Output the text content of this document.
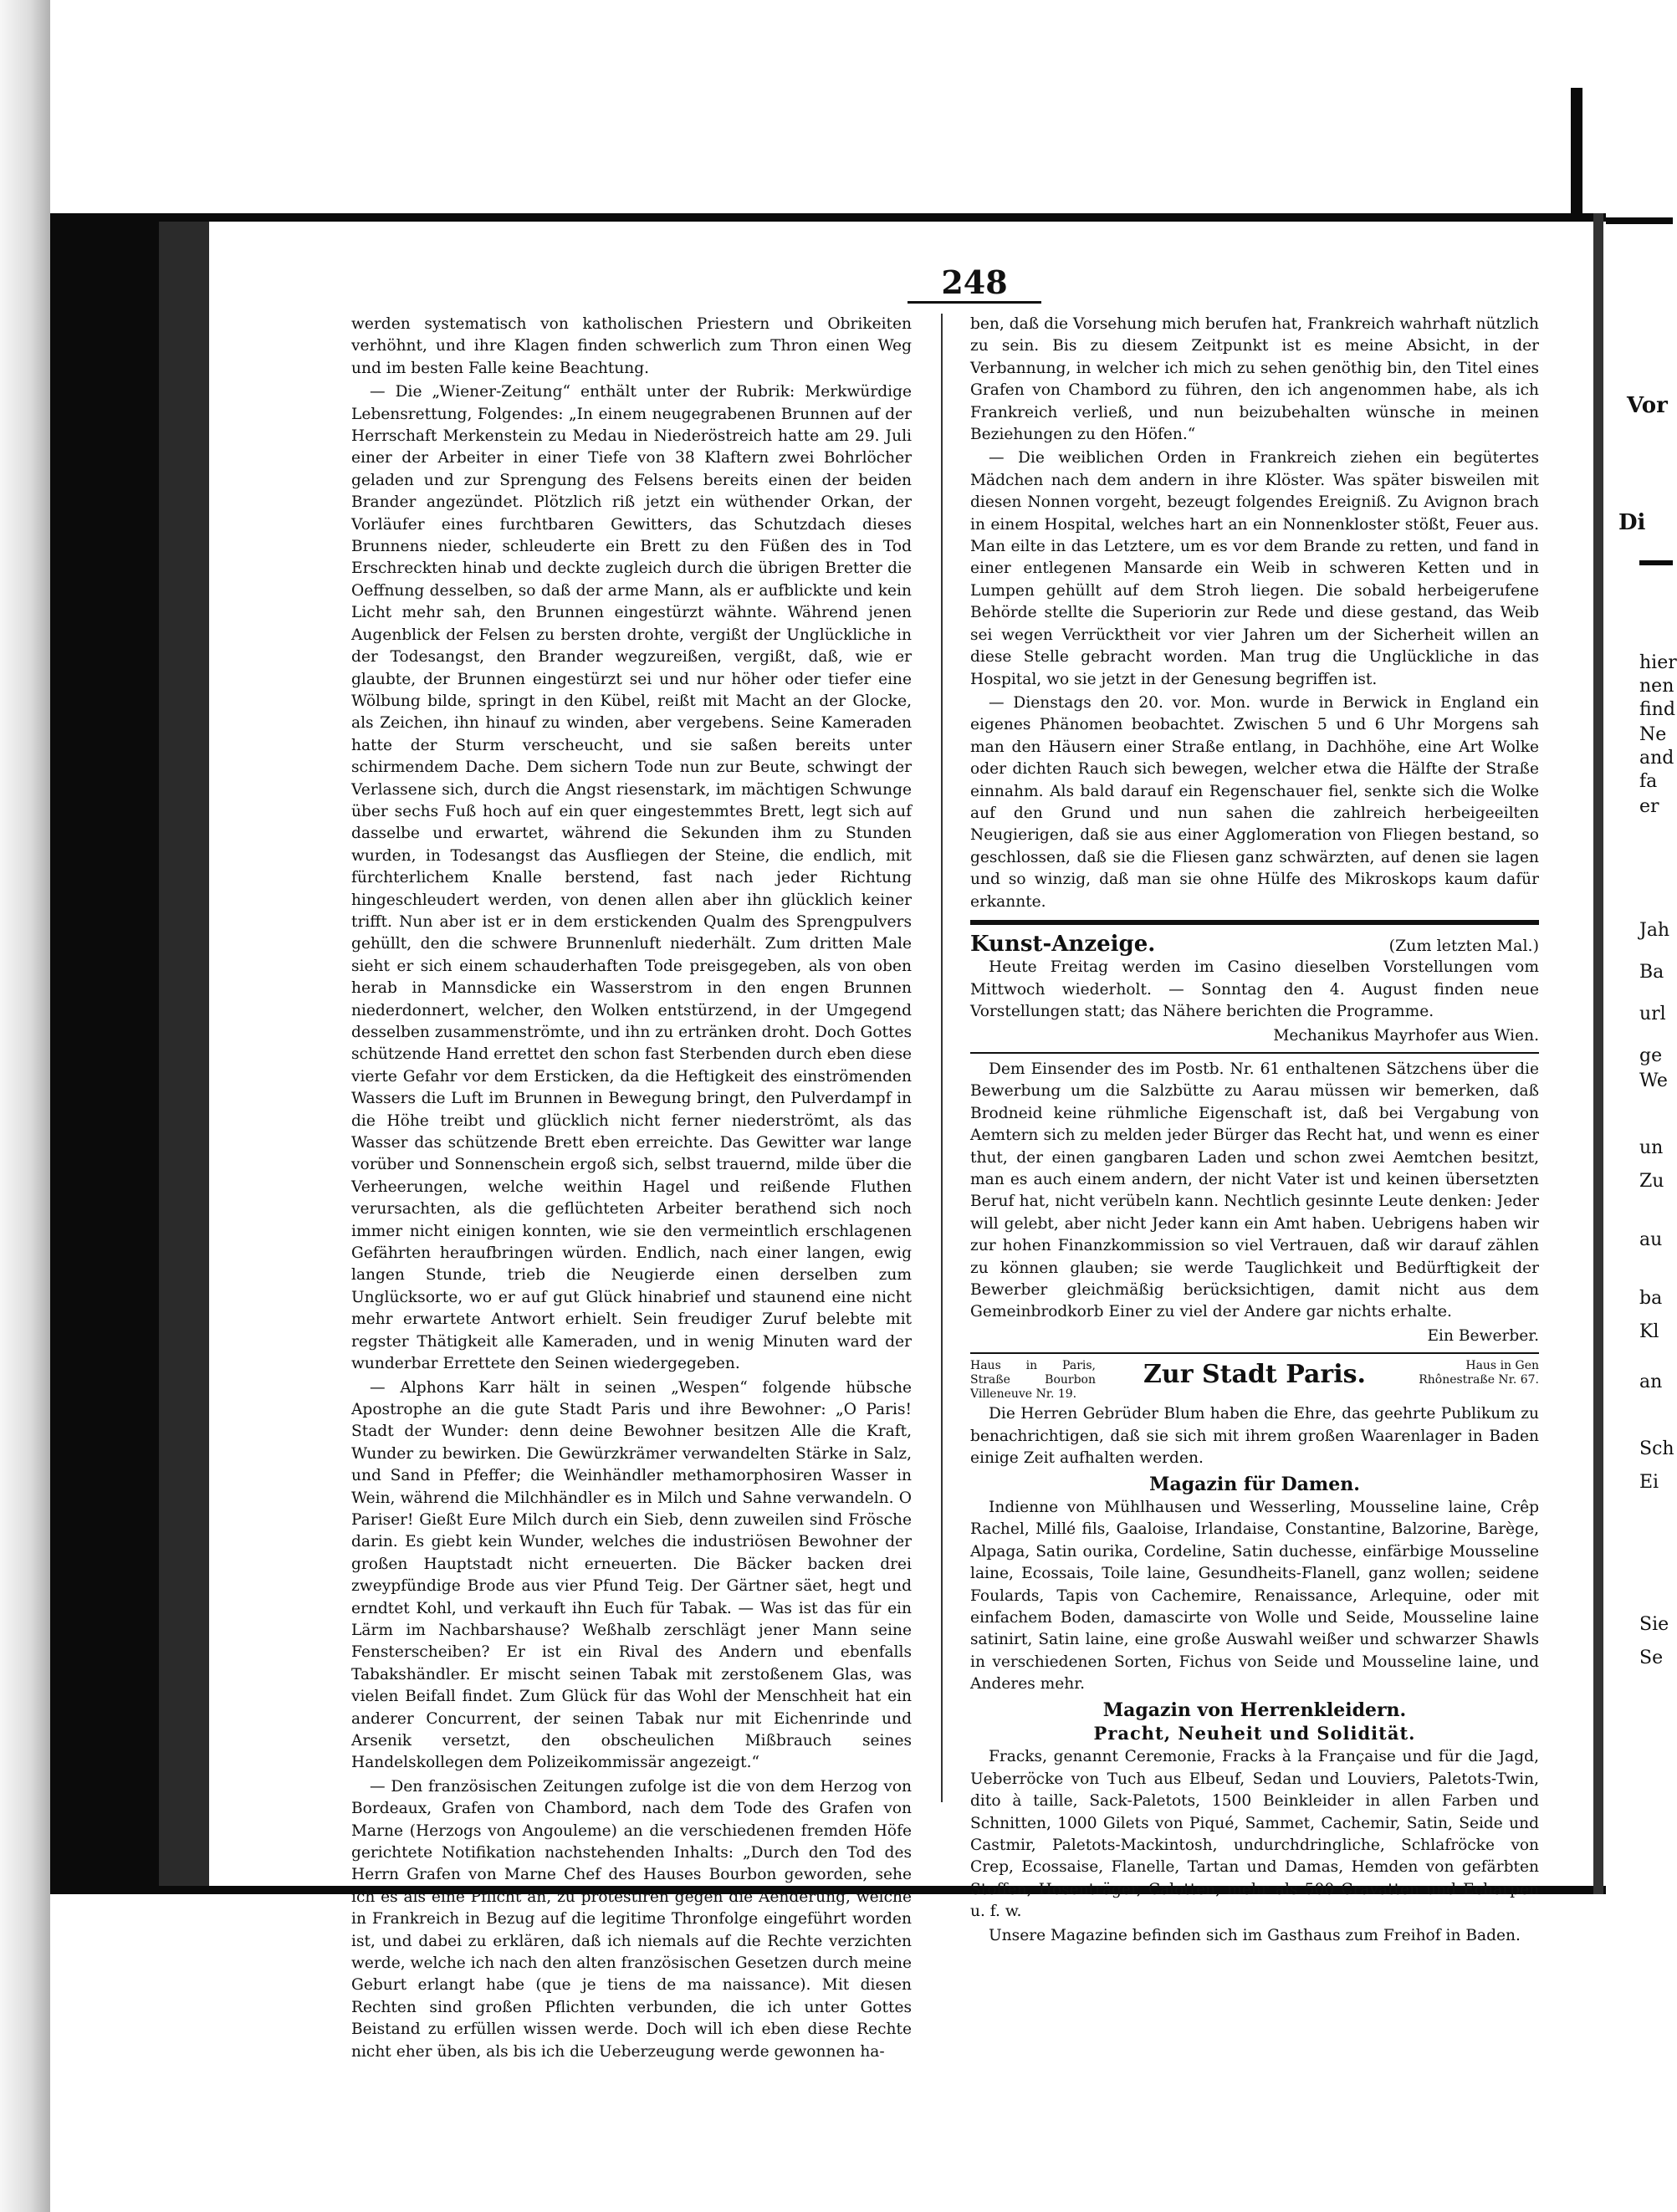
Vor
Di
hier
nen
find
Ne
and
fa
er
Jah
Ba
url
ge
We
un
Zu
au
ba
Kl
an
Sch
Ei
Sie
Se
248

werden systematisch von katholischen Priestern und Obrikeiten verhöhnt, und ihre Klagen finden schwerlich zum Thron einen Weg und im besten Falle keine Beachtung.

— Die „Wiener-Zeitung“ enthält unter der Rubrik: Merkwürdige Lebensrettung, Folgendes: „In einem neugegrabenen Brunnen auf der Herrschaft Merkenstein zu Medau in Niederöstreich hatte am 29. Juli einer der Arbeiter in einer Tiefe von 38 Klaftern zwei Bohrlöcher geladen und zur Sprengung des Felsens bereits einen der beiden Brander angezündet. Plötzlich riß jetzt ein wüthender Orkan, der Vorläufer eines furchtbaren Gewitters, das Schutzdach dieses Brunnens nieder, schleuderte ein Brett zu den Füßen des in Tod Erschreckten hinab und deckte zugleich durch die übrigen Bretter die Oeffnung desselben, so daß der arme Mann, als er aufblickte und kein Licht mehr sah, den Brunnen eingestürzt wähnte. Während jenen Augenblick der Felsen zu bersten drohte, vergißt der Unglückliche in der Todesangst, den Brander wegzureißen, vergißt, daß, wie er glaubte, der Brunnen eingestürzt sei und nur höher oder tiefer eine Wölbung bilde, springt in den Kübel, reißt mit Macht an der Glocke, als Zeichen, ihn hinauf zu winden, aber vergebens. Seine Kameraden hatte der Sturm verscheucht, und sie saßen bereits unter schirmendem Dache. Dem sichern Tode nun zur Beute, schwingt der Verlassene sich, durch die Angst riesenstark, im mächtigen Schwunge über sechs Fuß hoch auf ein quer eingestemmtes Brett, legt sich auf dasselbe und erwartet, während die Sekunden ihm zu Stunden wurden, in Todesangst das Ausfliegen der Steine, die endlich, mit fürchterlichem Knalle berstend, fast nach jeder Richtung hingeschleudert werden, von denen allen aber ihn glücklich keiner trifft. Nun aber ist er in dem erstickenden Qualm des Sprengpulvers gehüllt, den die schwere Brunnenluft niederhält. Zum dritten Male sieht er sich einem schauderhaften Tode preisgegeben, als von oben herab in Mannsdicke ein Wasserstrom in den engen Brunnen niederdonnert, welcher, den Wolken entstürzend, in der Umgegend desselben zusammenströmte, und ihn zu ertränken droht. Doch Gottes schützende Hand errettet den schon fast Sterbenden durch eben diese vierte Gefahr vor dem Ersticken, da die Heftigkeit des einströmenden Wassers die Luft im Brunnen in Bewegung bringt, den Pulverdampf in die Höhe treibt und glücklich nicht ferner niederströmt, als das Wasser das schützende Brett eben erreichte. Das Gewitter war lange vorüber und Sonnenschein ergoß sich, selbst trauernd, milde über die Verheerungen, welche weithin Hagel und reißende Fluthen verursachten, als die geflüchteten Arbeiter berathend sich noch immer nicht einigen konnten, wie sie den vermeintlich erschlagenen Gefährten heraufbringen würden. Endlich, nach einer langen, ewig langen Stunde, trieb die Neugierde einen derselben zum Unglücksorte, wo er auf gut Glück hinabrief und staunend eine nicht mehr erwartete Antwort erhielt. Sein freudiger Zuruf belebte mit regster Thätigkeit alle Kameraden, und in wenig Minuten ward der wunderbar Errettete den Seinen wiedergegeben.

— Alphons Karr hält in seinen „Wespen“ folgende hübsche Apostrophe an die gute Stadt Paris und ihre Bewohner: „O Paris! Stadt der Wunder: denn deine Bewohner besitzen Alle die Kraft, Wunder zu bewirken. Die Gewürzkrämer verwandelten Stärke in Salz, und Sand in Pfeffer; die Weinhändler methamorphosiren Wasser in Wein, während die Milchhändler es in Milch und Sahne verwandeln. O Pariser! Gießt Eure Milch durch ein Sieb, denn zuweilen sind Frösche darin. Es giebt kein Wunder, welches die industriösen Bewohner der großen Hauptstadt nicht erneuerten. Die Bäcker backen drei zweypfündige Brode aus vier Pfund Teig. Der Gärtner säet, hegt und erndtet Kohl, und verkauft ihn Euch für Tabak. — Was ist das für ein Lärm im Nachbarshause? Weßhalb zerschlägt jener Mann seine Fensterscheiben? Er ist ein Rival des Andern und ebenfalls Tabakshändler. Er mischt seinen Tabak mit zerstoßenem Glas, was vielen Beifall findet. Zum Glück für das Wohl der Menschheit hat ein anderer Concurrent, der seinen Tabak nur mit Eichenrinde und Arsenik versetzt, den obscheulichen Mißbrauch seines Handelskollegen dem Polizeikommissär angezeigt.“

— Den französischen Zeitungen zufolge ist die von dem Herzog von Bordeaux, Grafen von Chambord, nach dem Tode des Grafen von Marne (Herzogs von Angouleme) an die verschiedenen fremden Höfe gerichtete Notifikation nachstehenden Inhalts: „Durch den Tod des Herrn Grafen von Marne Chef des Hauses Bourbon geworden, sehe ich es als eine Pflicht an, zu protestiren gegen die Aenderung, welche in Frankreich in Bezug auf die legitime Thronfolge eingeführt worden ist, und dabei zu erklären, daß ich niemals auf die Rechte verzichten werde, welche ich nach den alten französischen Gesetzen durch meine Geburt erlangt habe (que je tiens de ma naissance). Mit diesen Rechten sind großen Pflichten verbunden, die ich unter Gottes Beistand zu erfüllen wissen werde. Doch will ich eben diese Rechte nicht eher üben, als bis ich die Ueberzeugung werde gewonnen ha-

ben, daß die Vorsehung mich berufen hat, Frankreich wahrhaft nützlich zu sein. Bis zu diesem Zeitpunkt ist es meine Absicht, in der Verbannung, in welcher ich mich zu sehen genöthig bin, den Titel eines Grafen von Chambord zu führen, den ich angenommen habe, als ich Frankreich verließ, und nun beizubehalten wünsche in meinen Beziehungen zu den Höfen.“

— Die weiblichen Orden in Frankreich ziehen ein begütertes Mädchen nach dem andern in ihre Klöster. Was später bisweilen mit diesen Nonnen vorgeht, bezeugt folgendes Ereigniß. Zu Avignon brach in einem Hospital, welches hart an ein Nonnenkloster stößt, Feuer aus. Man eilte in das Letztere, um es vor dem Brande zu retten, und fand in einer entlegenen Mansarde ein Weib in schweren Ketten und in Lumpen gehüllt auf dem Stroh liegen. Die sobald herbeigerufene Behörde stellte die Superiorin zur Rede und diese gestand, das Weib sei wegen Verrücktheit vor vier Jahren um der Sicherheit willen an diese Stelle gebracht worden. Man trug die Unglückliche in das Hospital, wo sie jetzt in der Genesung begriffen ist.

— Dienstags den 20. vor. Mon. wurde in Berwick in England ein eigenes Phänomen beobachtet. Zwischen 5 und 6 Uhr Morgens sah man den Häusern einer Straße entlang, in Dachhöhe, eine Art Wolke oder dichten Rauch sich bewegen, welcher etwa die Hälfte der Straße einnahm. Als bald darauf ein Regenschauer fiel, senkte sich die Wolke auf den Grund und nun sahen die zahlreich herbeigeeilten Neugierigen, daß sie aus einer Agglomeration von Fliegen bestand, so geschlossen, daß sie die Fliesen ganz schwärzten, auf denen sie lagen und so winzig, daß man sie ohne Hülfe des Mikroskops kaum dafür erkannte.

Kunst-Anzeige.	(Zum letzten Mal.)

Heute Freitag werden im Casino dieselben Vorstellungen vom Mittwoch wiederholt. — Sonntag den 4. August finden neue Vorstellungen statt; das Nähere berichten die Programme.

Mechanikus Mayrhofer aus Wien.

Dem Einsender des im Postb. Nr. 61 enthaltenen Sätzchens über die Bewerbung um die Salzbütte zu Aarau müssen wir bemerken, daß Brodneid keine rühmliche Eigenschaft ist, daß bei Vergabung von Aemtern sich zu melden jeder Bürger das Recht hat, und wenn es einer thut, der einen gangbaren Laden und schon zwei Aemtchen besitzt, man es auch einem andern, der nicht Vater ist und keinen übersetzten Beruf hat, nicht verübeln kann. Nechtlich gesinnte Leute denken: Jeder will gelebt, aber nicht Jeder kann ein Amt haben. Uebrigens haben wir zur hohen Finanzkommission so viel Vertrauen, daß wir darauf zählen zu können glauben; sie werde Tauglichkeit und Bedürftigkeit der Bewerber gleichmäßig berücksichtigen, damit nicht aus dem Gemeinbrodkorb Einer zu viel der Andere gar nichts erhalte.

Ein Bewerber.

Haus in Paris, Straße Bourbon Villeneuve Nr. 19.
Zur Stadt Paris.	Haus in Gen Rhônestraße Nr. 67.

Die Herren Gebrüder Blum haben die Ehre, das geehrte Publikum zu benachrichtigen, daß sie sich mit ihrem großen Waarenlager in Baden einige Zeit aufhalten werden.

Magazin für Damen.

Indienne von Mühlhausen und Wesserling, Mousseline laine, Crêp Rachel, Millé fils, Gaaloise, Irlandaise, Constantine, Balzorine, Barège, Alpaga, Satin ourika, Cordeline, Satin duchesse, einfärbige Mousseline laine, Ecossais, Toile laine, Gesundheits-Flanell, ganz wollen; seidene Foulards, Tapis von Cachemire, Renaissance, Arlequine, oder mit einfachem Boden, damascirte von Wolle und Seide, Mousseline laine satinirt, Satin laine, eine große Auswahl weißer und schwarzer Shawls in verschiedenen Sorten, Fichus von Seide und Mousseline laine, und Anderes mehr.

Magazin von Herrenkleidern.
Pracht, Neuheit und Solidität.

Fracks, genannt Ceremonie, Fracks à la Française und für die Jagd, Ueberröcke von Tuch aus Elbeuf, Sedan und Louviers, Paletots-Twin, dito à taille, Sack-Paletots, 1500 Beinkleider in allen Farben und Schnitten, 1000 Gilets von Piqué, Sammet, Cachemir, Satin, Seide und Castmir, Paletots-Mackintosh, undurchdringliche, Schlafröcke von Crep, Ecossaise, Flanelle, Tartan und Damas, Hemden von gefärbten Stoffen, Hosenträger, Calotten, mehr als 500 Cravatten und Echarpen u. f. w.

Unsere Magazine befinden sich im Gasthaus zum Freihof in Baden.
